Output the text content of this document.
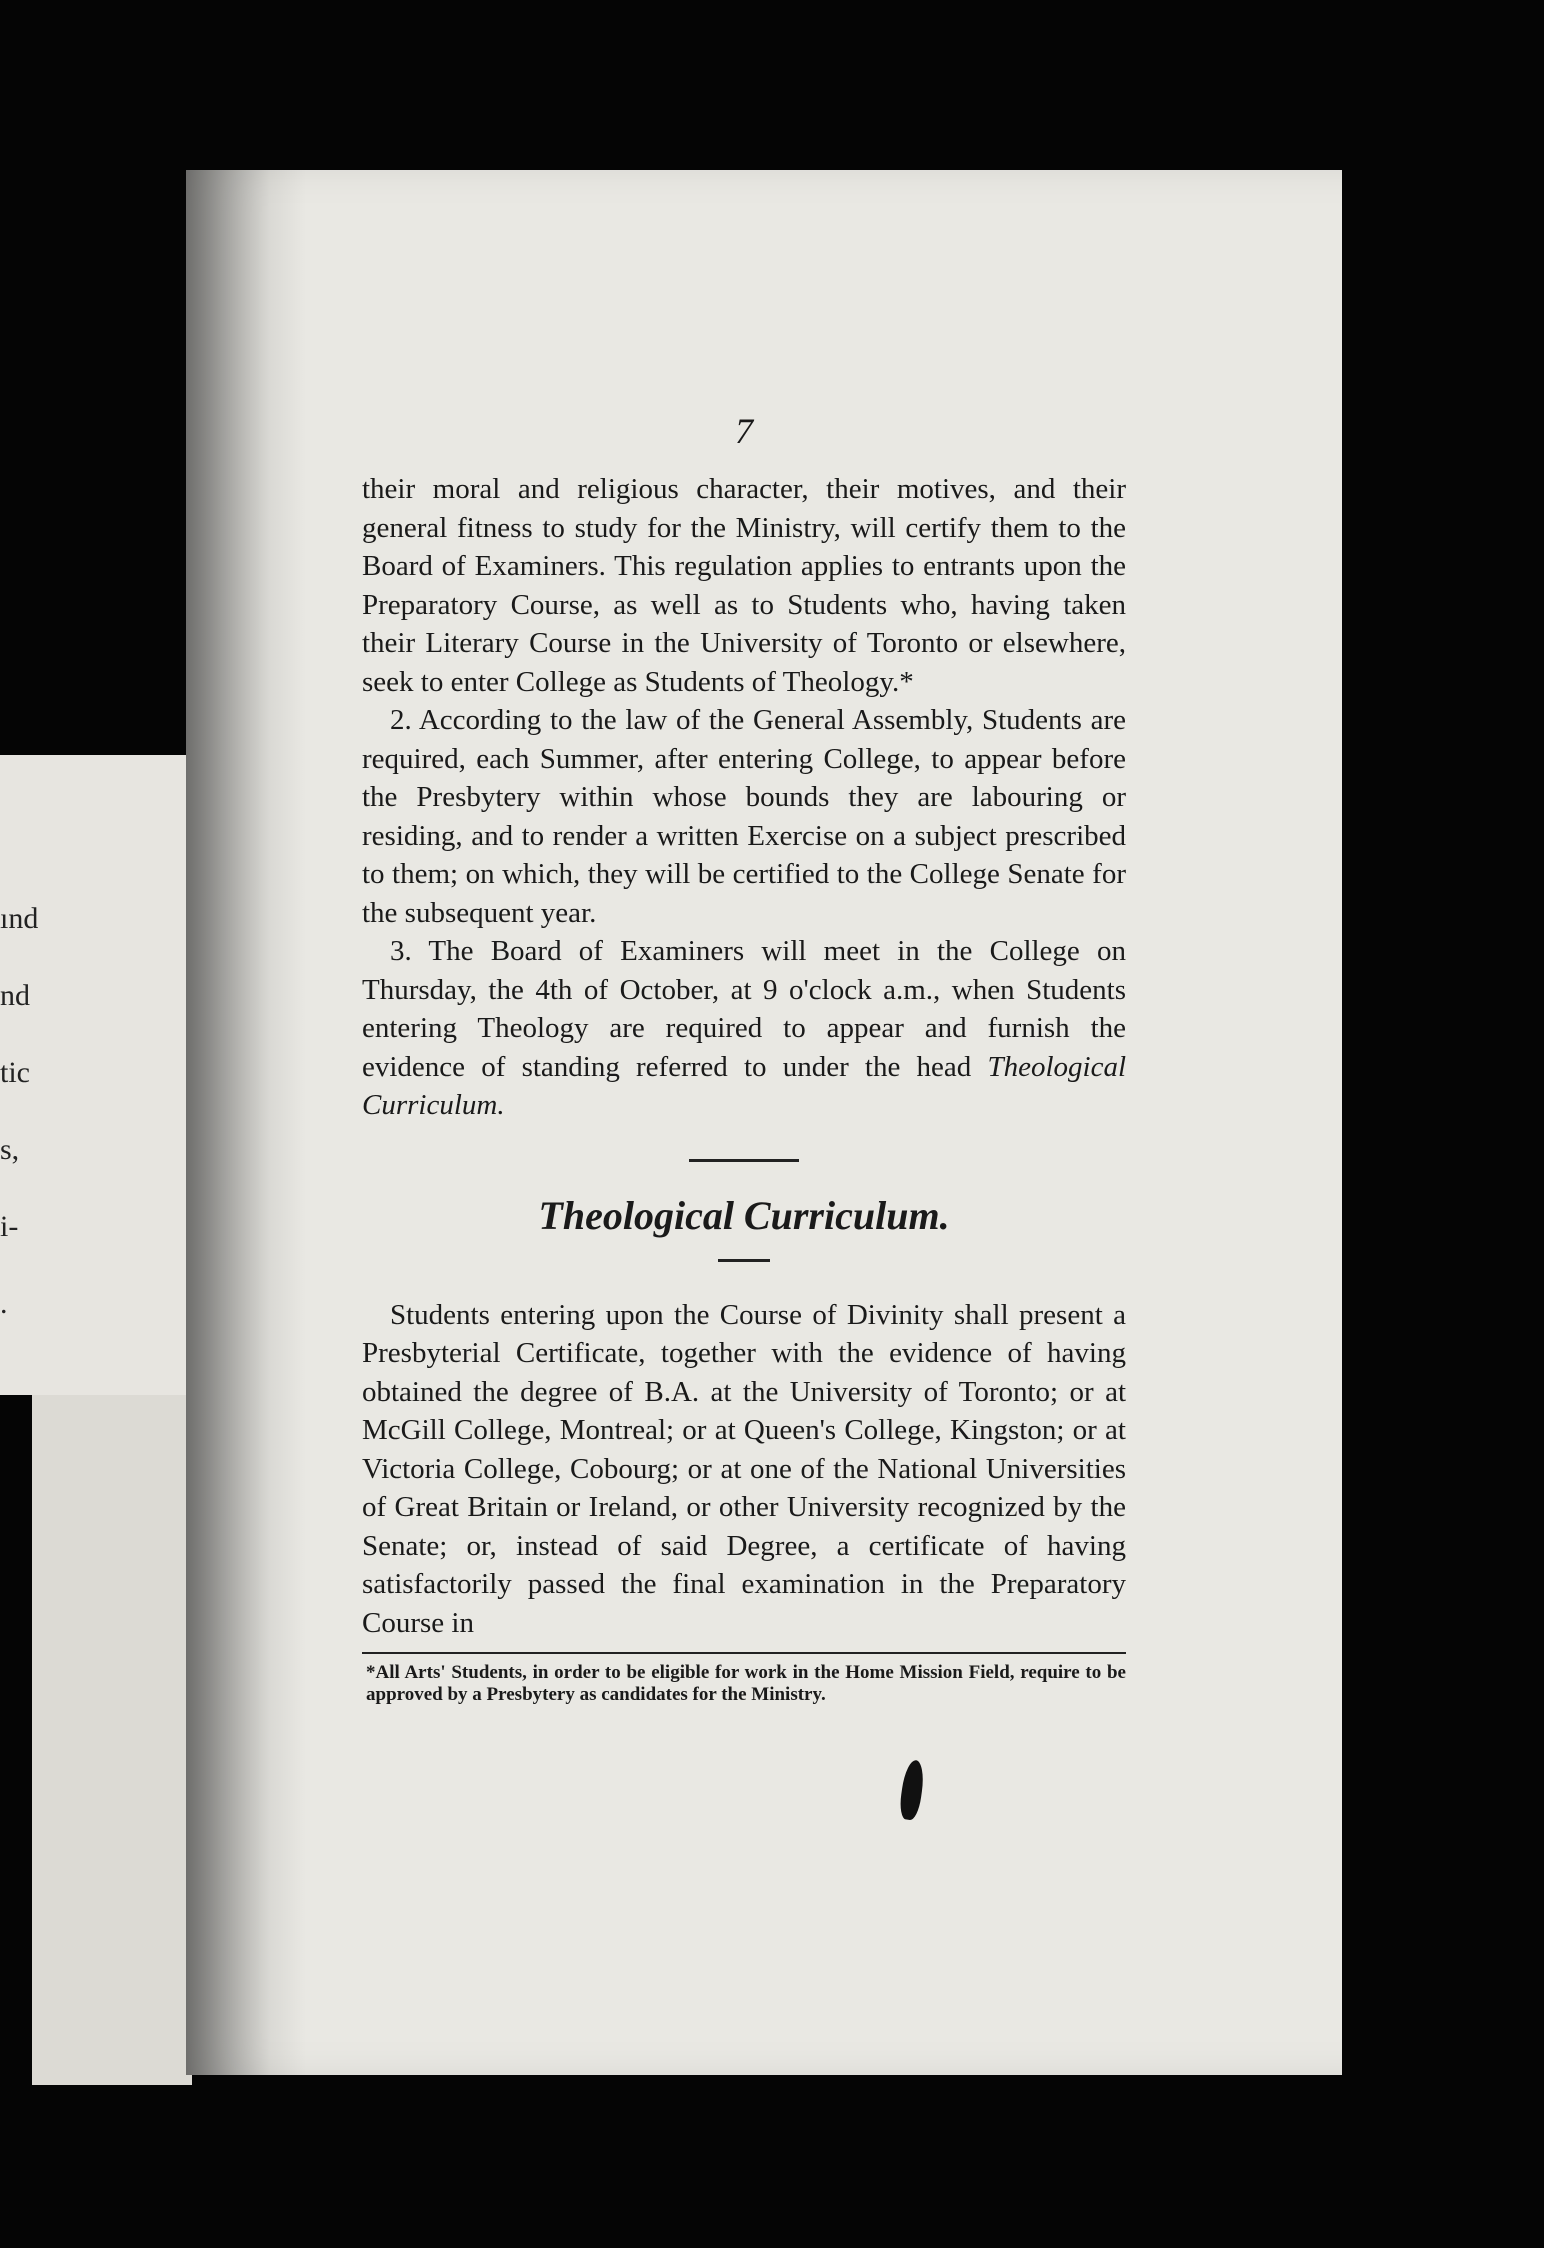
ınd
nd
tic
s,
i-
.
7

their moral and religious character, their motives, and their general fitness to study for the Ministry, will certify them to the Board of Examiners. This regulation applies to entrants upon the Preparatory Course, as well as to Students who, having taken their Literary Course in the University of Toronto or elsewhere, seek to enter College as Students of Theology.*

2. According to the law of the General Assembly, Students are required, each Summer, after entering College, to appear before the Presbytery within whose bounds they are labouring or residing, and to render a written Exercise on a subject prescribed to them; on which, they will be certified to the College Senate for the subsequent year.

3. The Board of Examiners will meet in the College on Thursday, the 4th of October, at 9 o'clock a.m., when Students entering Theology are required to appear and furnish the evidence of standing referred to under the head Theological Curriculum.

Theological Curriculum.

Students entering upon the Course of Divinity shall present a Presbyterial Certificate, together with the evidence of having obtained the degree of B.A. at the University of Toronto; or at McGill College, Montreal; or at Queen's College, Kingston; or at Victoria College, Cobourg; or at one of the National Universities of Great Britain or Ireland, or other University recognized by the Senate; or, instead of said Degree, a certificate of having satisfactorily passed the final examination in the Preparatory Course in

*All Arts' Students, in order to be eligible for work in the Home Mission Field, require to be approved by a Presbytery as candidates for the Ministry.
